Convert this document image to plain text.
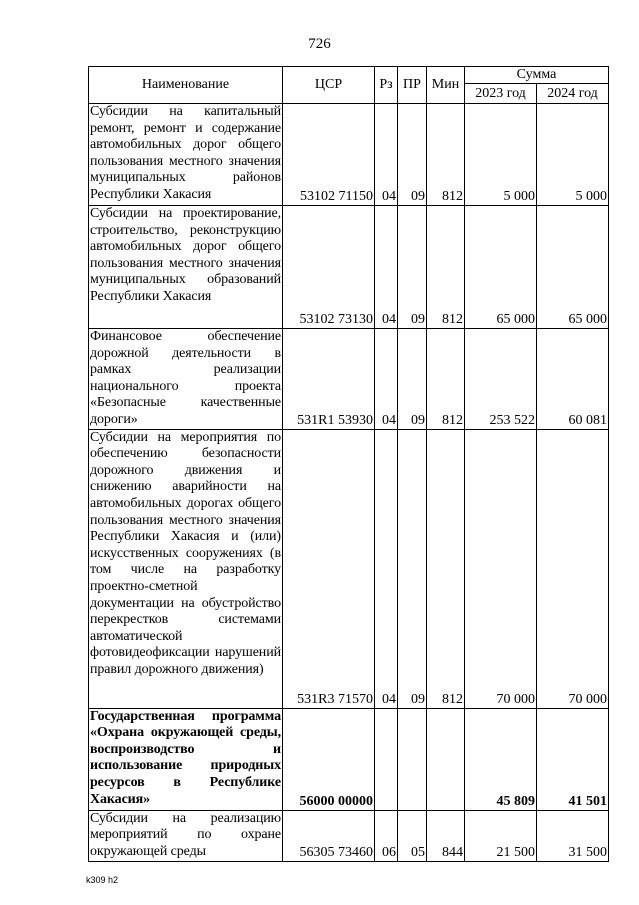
726
Наименование	ЦСР	Рз	ПР	Мин	Сумма	
					2023 год	2024 год
Субсидии на капитальный ремонт, ремонт и содержание автомобильных дорог общего пользования местного значения муниципальных районов Республики Хакасия	53102 71150	04	09	812	5 000	5 000
Субсидии на проектирование, строительство, реконструкцию автомобильных дорог общего пользования местного значения муниципальных образований Республики Хакасия	53102 73130	04	09	812	65 000	65 000
Финансовое обеспечение дорожной деятельности в рамках реализации национального проекта «Безопасные качественные дороги»	531R1 53930	04	09	812	253 522	60 081
Субсидии на мероприятия по обеспечению безопасности дорожного движения и снижению аварийности на автомобильных дорогах общего пользования местного значения Республики Хакасия и (или) искусственных сооружениях (в том числе на разработку проектно-сметной документации на обустройство перекрестков системами автоматической фотовидеофиксации нарушений правил дорожного движения)	531R3 71570	04	09	812	70 000	70 000
Государственная программа «Охрана окружающей среды, воспроизводство и использование природных ресурсов в Республике Хакасия»	56000 00000				45 809	41 501
Субсидии на реализацию мероприятий по охране окружающей среды	56305 73460	06	05	844	21 500	31 500
k309 h2
